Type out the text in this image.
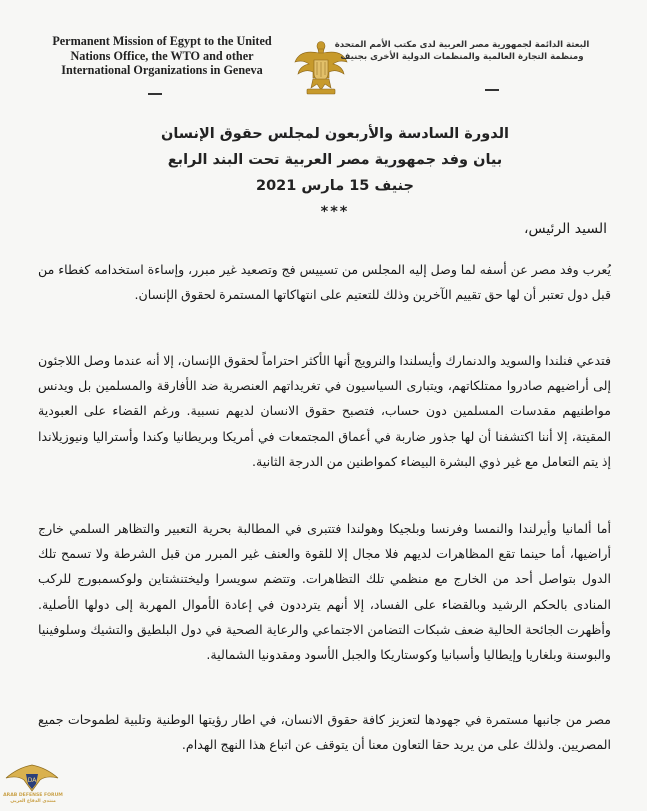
Permanent Mission of Egypt to the United
Nations Office, the WTO and other
International Organizations in Geneva
البعثة الدائمة لجمهورية مصر العربية لدى مكتب الأمم المتحدة
ومنظمة التجارة العالمية والمنظمات الدولية الأخرى بجنيف
الدورة السادسة والأربعون لمجلس حقوق الإنسان
بيان وفد جمهورية مصر العربية تحت البند الرابع
جنيف 15 مارس 2021
***
السيد الرئيس،
يُعرب وفد مصر عن أسفه لما وصل إليه المجلس من تسييس فج وتصعيد غير مبرر، وإساءة استخدامه كغطاء من قبل دول تعتبر أن لها حق تقييم الآخرين وذلك للتعتيم على انتهاكاتها المستمرة لحقوق الإنسان.
فتدعي فنلندا والسويد والدنمارك وأيسلندا والنرويج أنها الأكثر احتراماً لحقوق الإنسان، إلا أنه عندما وصل اللاجئون إلى أراضيهم صادروا ممتلكاتهم، ويتبارى السياسيون في تغريداتهم العنصرية ضد الأفارقة والمسلمين بل ويدنس مواطنيهم مقدسات المسلمين دون حساب، فتصبح حقوق الانسان لديهم نسبية. ورغم القضاء على العبودية المقيتة، إلا أننا اكتشفنا أن لها جذور ضاربة في أعماق المجتمعات في أمريكا وبريطانيا وكندا وأستراليا ونيوزيلاندا إذ يتم التعامل مع غير ذوي البشرة البيضاء كمواطنين من الدرجة الثانية.
أما ألمانيا وأيرلندا والنمسا وفرنسا وبلجيكا وهولندا فتتبرى في المطالبة بحرية التعبير والتظاهر السلمي خارج أراضيها، أما حينما تقع المظاهرات لديهم فلا مجال إلا للقوة والعنف غير المبرر من قبل الشرطة ولا تسمح تلك الدول بتواصل أحد من الخارج مع منظمي تلك التظاهرات. وتتضم سويسرا وليختنشتاين ولوكسمبورج للركب المنادى بالحكم الرشيد وبالقضاء على الفساد، إلا أنهم يترددون في إعادة الأموال المهربة إلى دولها الأصلية. وأظهرت الجائحة الحالية ضعف شبكات التضامن الاجتماعي والرعاية الصحية في دول البلطيق والتشيك وسلوفينيا والبوسنة وبلغاريا وإيطاليا وأسبانيا وكوستاريكا والجبل الأسود ومقدونيا الشمالية.
مصر من جانبها مستمرة في جهودها لتعزيز كافة حقوق الانسان، في اطار رؤيتها الوطنية وتلبية لطموحات جميع المصريين. ولذلك على من يريد حقا التعاون معنا أن يتوقف عن اتباع هذا النهج الهدام.
DA
ARAB DEFENSE FORUM
منتدى الدفاع العربي
